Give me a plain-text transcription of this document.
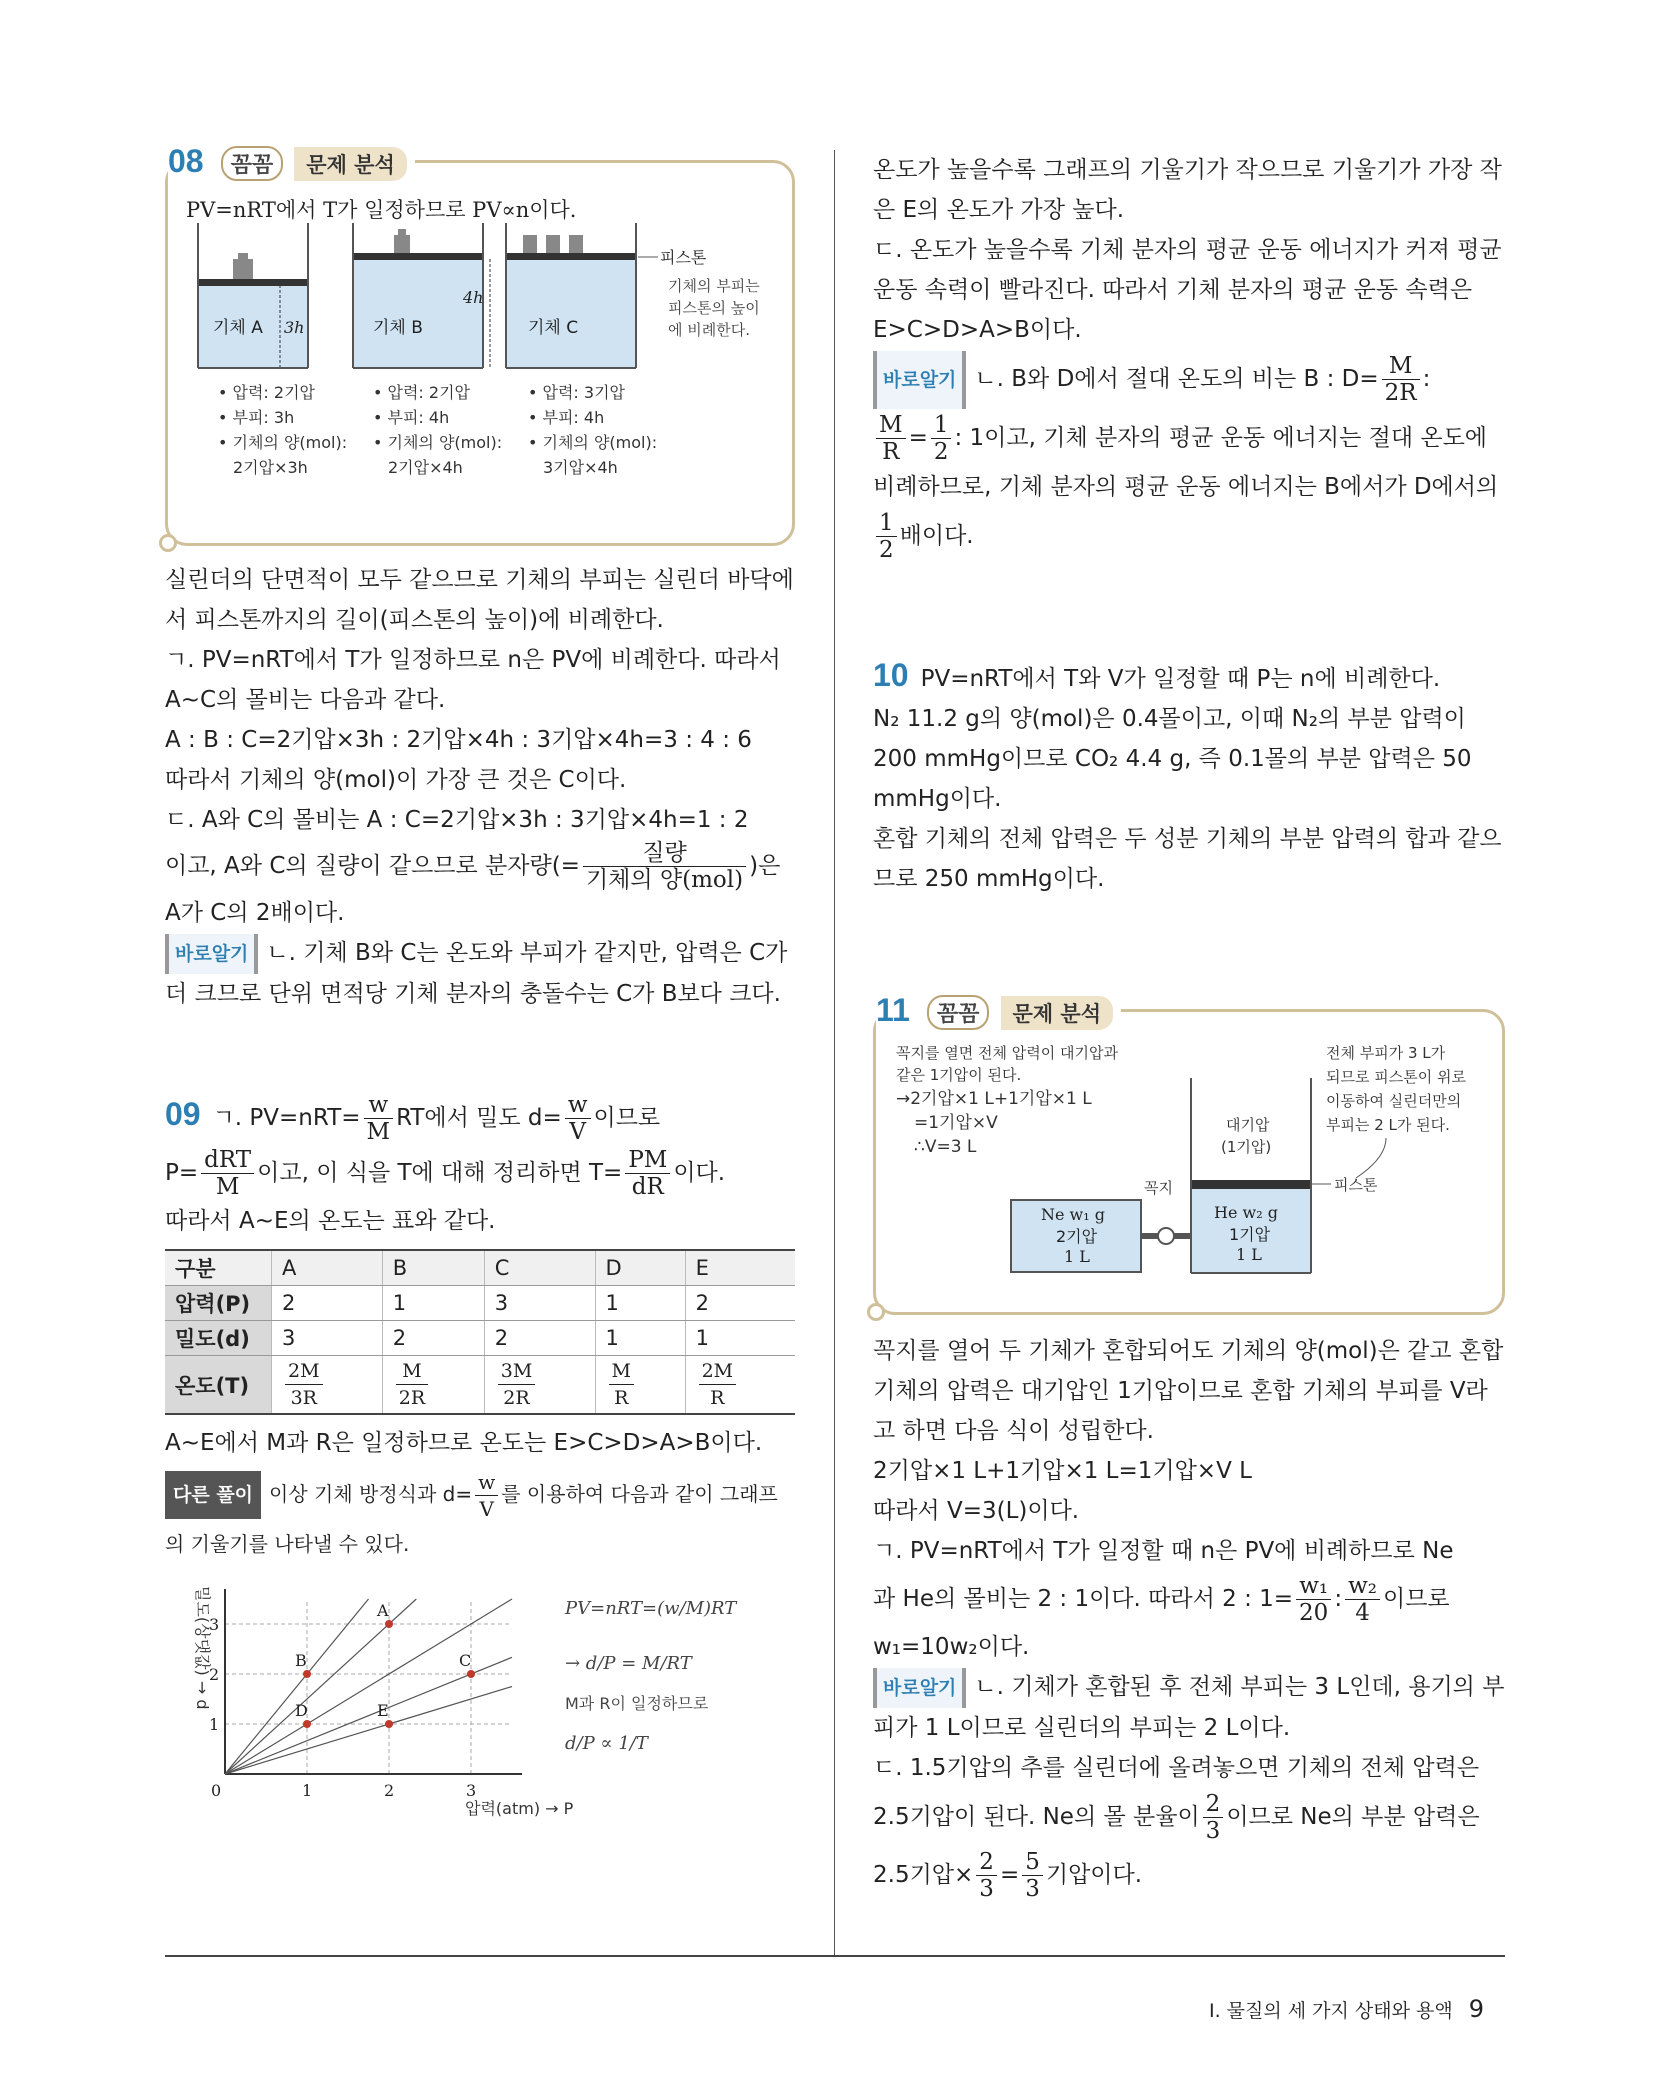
08 꼼꼼 문제 분석
PV=nRT에서 T가 일정하므로 PV∝n이다.
기체 A 3h	기체 B
4h
기체 C
피스톤
기체의 부피는
피스톤의 높이
에 비례한다.
• 압력: 2기압
• 부피: 3h
• 기체의 양(mol):
2기압×3h
• 압력: 2기압
• 부피: 4h
• 기체의 양(mol):
2기압×4h
• 압력: 3기압
• 부피: 4h
• 기체의 양(mol):
3기압×4h

실린더의 단면적이 모두 같으므로 기체의 부피는 실린더 바닥에서 피스톤까지의 길이(피스톤의 높이)에 비례한다.

ㄱ. PV=nRT에서 T가 일정하므로 n은 PV에 비례한다. 따라서 A~C의 몰비는 다음과 같다.

A : B : C=2기압×3h : 2기압×4h : 3기압×4h=3 : 4 : 6

따라서 기체의 양(mol)이 가장 큰 것은 C이다.

ㄷ. A와 C의 몰비는 A : C=2기압×3h : 3기압×4h=1 : 2

이고, A와 C의 질량이 같으므로 분자량(= $\frac{\text{질량}}{\text{기체의 양(mol)}}$ )은

A가 C의 2배이다.

바로알기 ㄴ. 기체 B와 C는 온도와 부피가 같지만, 압력은 C가 더 크므로 단위 면적당 기체 분자의 충돌수는 C가 B보다 크다.

09 ㄱ. $PV=nRT= \frac{w}{M}$ RT에서 밀도 $d= \frac{w}{V}$ 이므로

$P= \frac{\text{dRT}}{M}$ 이고, 이 식을 T에 대해 정리하면 $T= \frac{PM}{dR}$ 이다.

따라서 A~E의 온도는 표와 같다.

구분	A	B	C	D	E
압력(P)	2	1	3	1	2
밀도(d)	3	2	2	1	1
온도(T)	$\frac{2M}{3R}$	$\frac{M}{2R}$	$\frac{3M}{2R}$	$\frac{M}{R}$	$\frac{2M}{R}$

A~E에서 M과 R은 일정하므로 온도는 E>C>D>A>B이다.

다른 풀이 이상 기체 방정식과 $d= \frac{w}{V}$ 를 이용하여 다음과 같이 그래프의 기울기를 나타낼 수 있다.

밀도(상댓값) → d
0	1	2	3
1
2
3
A
B	C
D	E
압력(atm) → P
PV=nRT=(w/M)RT
→ d/P = M/RT
M과 R이 일정하므로
d/P ∝ 1/T

온도가 높을수록 그래프의 기울기가 작으므로 기울기가 가장 작은 E의 온도가 가장 높다.

ㄷ. 온도가 높을수록 기체 분자의 평균 운동 에너지가 커져 평균 운동 속력이 빨라진다. 따라서 기체 분자의 평균 운동 속력은 E>C>D>A>B이다.

바로알기 ㄴ. B와 D에서 절대 온도의 비는 B : $D= \frac{M}{2R}$ :

$\frac{M}{R} = \frac{1}{2}$ : 1이고, 기체 분자의 평균 운동 에너지는 절대 온도에

비례하므로, 기체 분자의 평균 운동 에너지는 B에서가 D에서의

$\frac{1}{2}$ 배이다.

10 PV=nRT에서 T와 V가 일정할 때 P는 n에 비례한다.

N₂ 11.2 g의 양(mol)은 0.4몰이고, 이때 N₂의 부분 압력이 200 mmHg이므로 CO₂ 4.4 g, 즉 0.1몰의 부분 압력은 50 mmHg이다.

혼합 기체의 전체 압력은 두 성분 기체의 부분 압력의 합과 같으므로 250 mmHg이다.

11 꼼꼼 문제 분석
꼭지를 열면 전체 압력이 대기압과
같은 1기압이 된다.
→2기압×1 L+1기압×1 L
=1기압×V
∴V=3 L
전체 부피가 3 L가
되므로 피스톤이 위로
이동하여 실린더만의
부피는 2 L가 된다.
대기압
(1기압)
He w₂ g
1기압
1 L
피스톤
Ne w₁ g
2기압
1 L
꼭지

꼭지를 열어 두 기체가 혼합되어도 기체의 양(mol)은 같고 혼합 기체의 압력은 대기압인 1기압이므로 혼합 기체의 부피를 V라고 하면 다음 식이 성립한다.

2기압×1 L+1기압×1 L=1기압×V L

따라서 V=3(L)이다.

ㄱ. PV=nRT에서 T가 일정할 때 n은 PV에 비례하므로 Ne

과 He의 몰비는 2 : 1이다. 따라서 2 : $1= \frac{\text{w₁}}{20}$ : $\frac{\text{w₂}}{4}$ 이므로

w₁=10w₂이다.

바로알기 ㄴ. 기체가 혼합된 후 전체 부피는 3 L인데, 용기의 부피가 1 L이므로 실린더의 부피는 2 L이다.

ㄷ. 1.5기압의 추를 실린더에 올려놓으면 기체의 전체 압력은

2.5기압이 된다. Ne의 몰 분율이 $\frac{2}{3}$ 이므로 Ne의 부분 압력은

2.5기압× $\frac{2}{3} = \frac{5}{3}$ 기압이다.

I. 물질의 세 가지 상태와 용액 9
